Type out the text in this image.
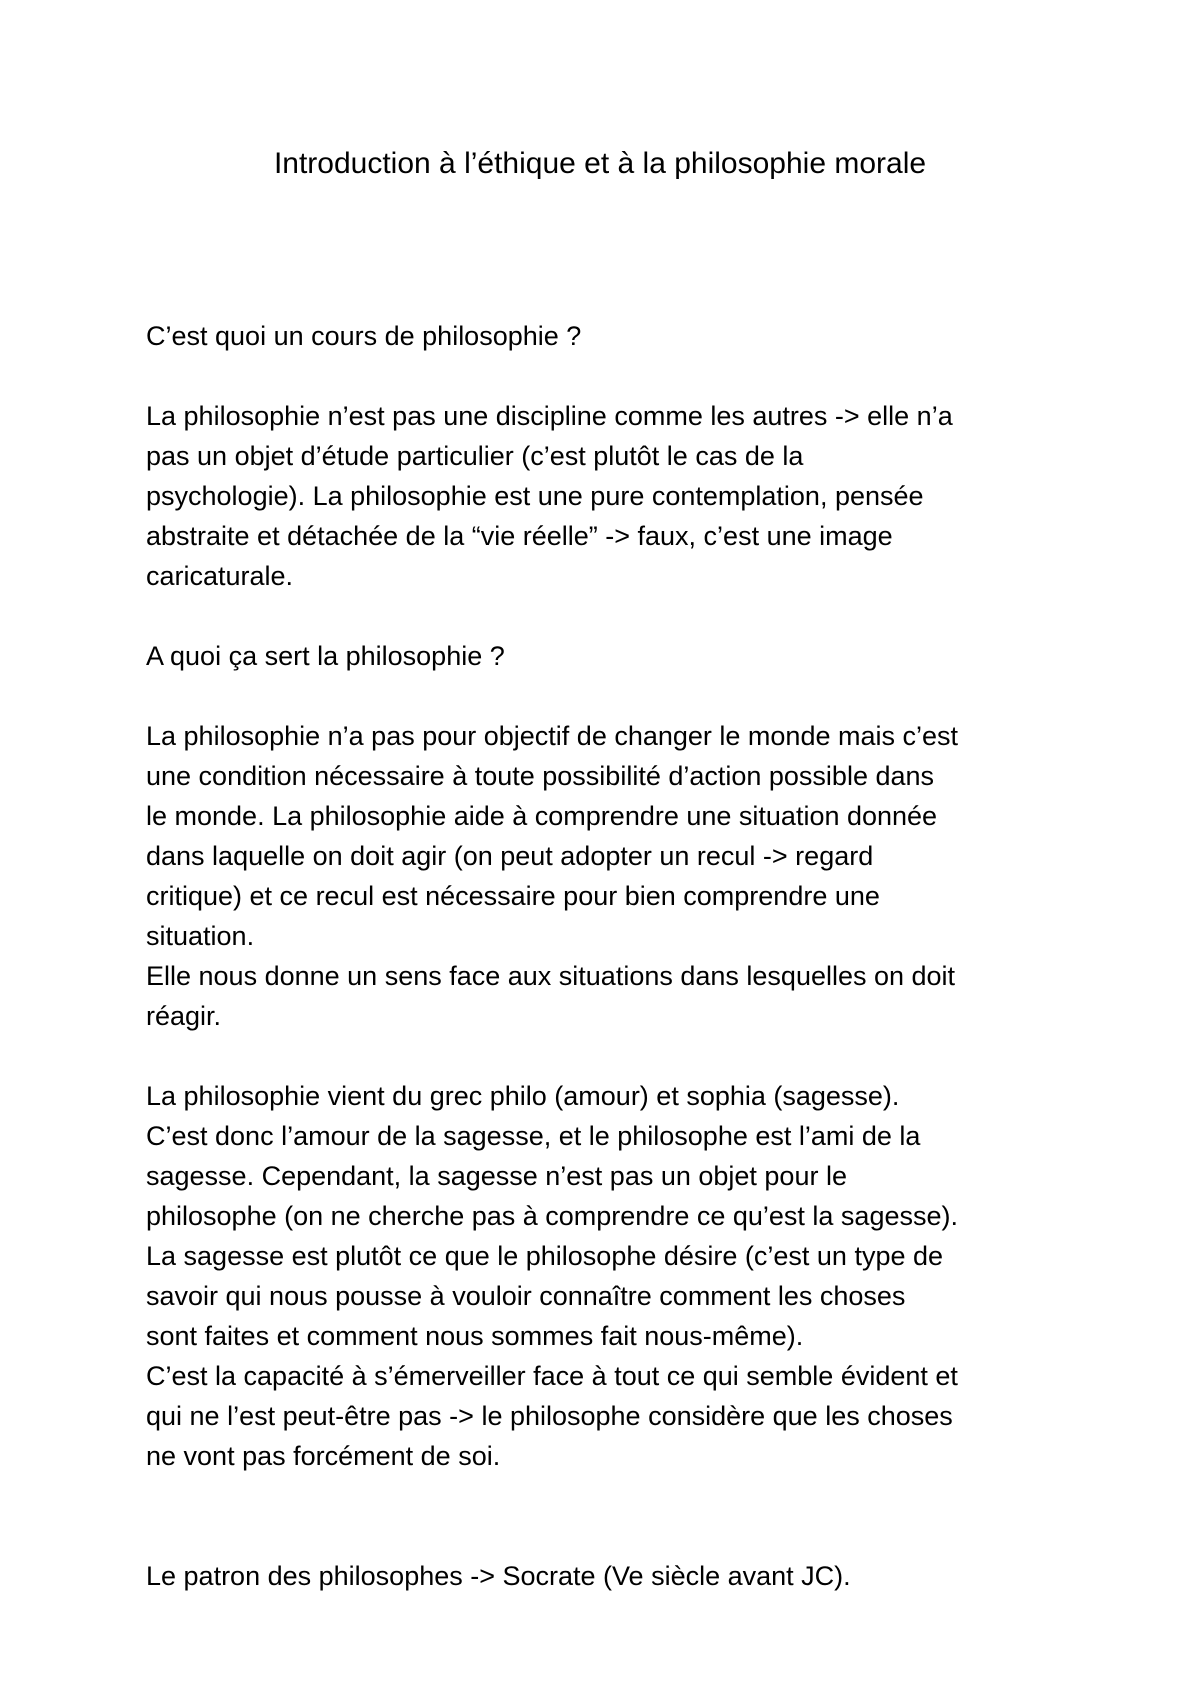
Introduction à l’éthique et à la philosophie morale
C’est quoi un cours de philosophie ?
La philosophie n’est pas une discipline comme les autres -> elle n’a
pas un objet d’étude particulier (c’est plutôt le cas de la
psychologie). La philosophie est une pure contemplation, pensée
abstraite et détachée de la “vie réelle” -> faux, c’est une image
caricaturale.
A quoi ça sert la philosophie ?
La philosophie n’a pas pour objectif de changer le monde mais c’est
une condition nécessaire à toute possibilité d’action possible dans
le monde. La philosophie aide à comprendre une situation donnée
dans laquelle on doit agir (on peut adopter un recul -> regard
critique) et ce recul est nécessaire pour bien comprendre une
situation.
Elle nous donne un sens face aux situations dans lesquelles on doit
réagir.
La philosophie vient du grec philo (amour) et sophia (sagesse).
C’est donc l’amour de la sagesse, et le philosophe est l’ami de la
sagesse. Cependant, la sagesse n’est pas un objet pour le
philosophe (on ne cherche pas à comprendre ce qu’est la sagesse).
La sagesse est plutôt ce que le philosophe désire (c’est un type de
savoir qui nous pousse à vouloir connaître comment les choses
sont faites et comment nous sommes fait nous-même).
C’est la capacité à s’émerveiller face à tout ce qui semble évident et
qui ne l’est peut-être pas -> le philosophe considère que les choses
ne vont pas forcément de soi.
Le patron des philosophes -> Socrate (Ve siècle avant JC).
